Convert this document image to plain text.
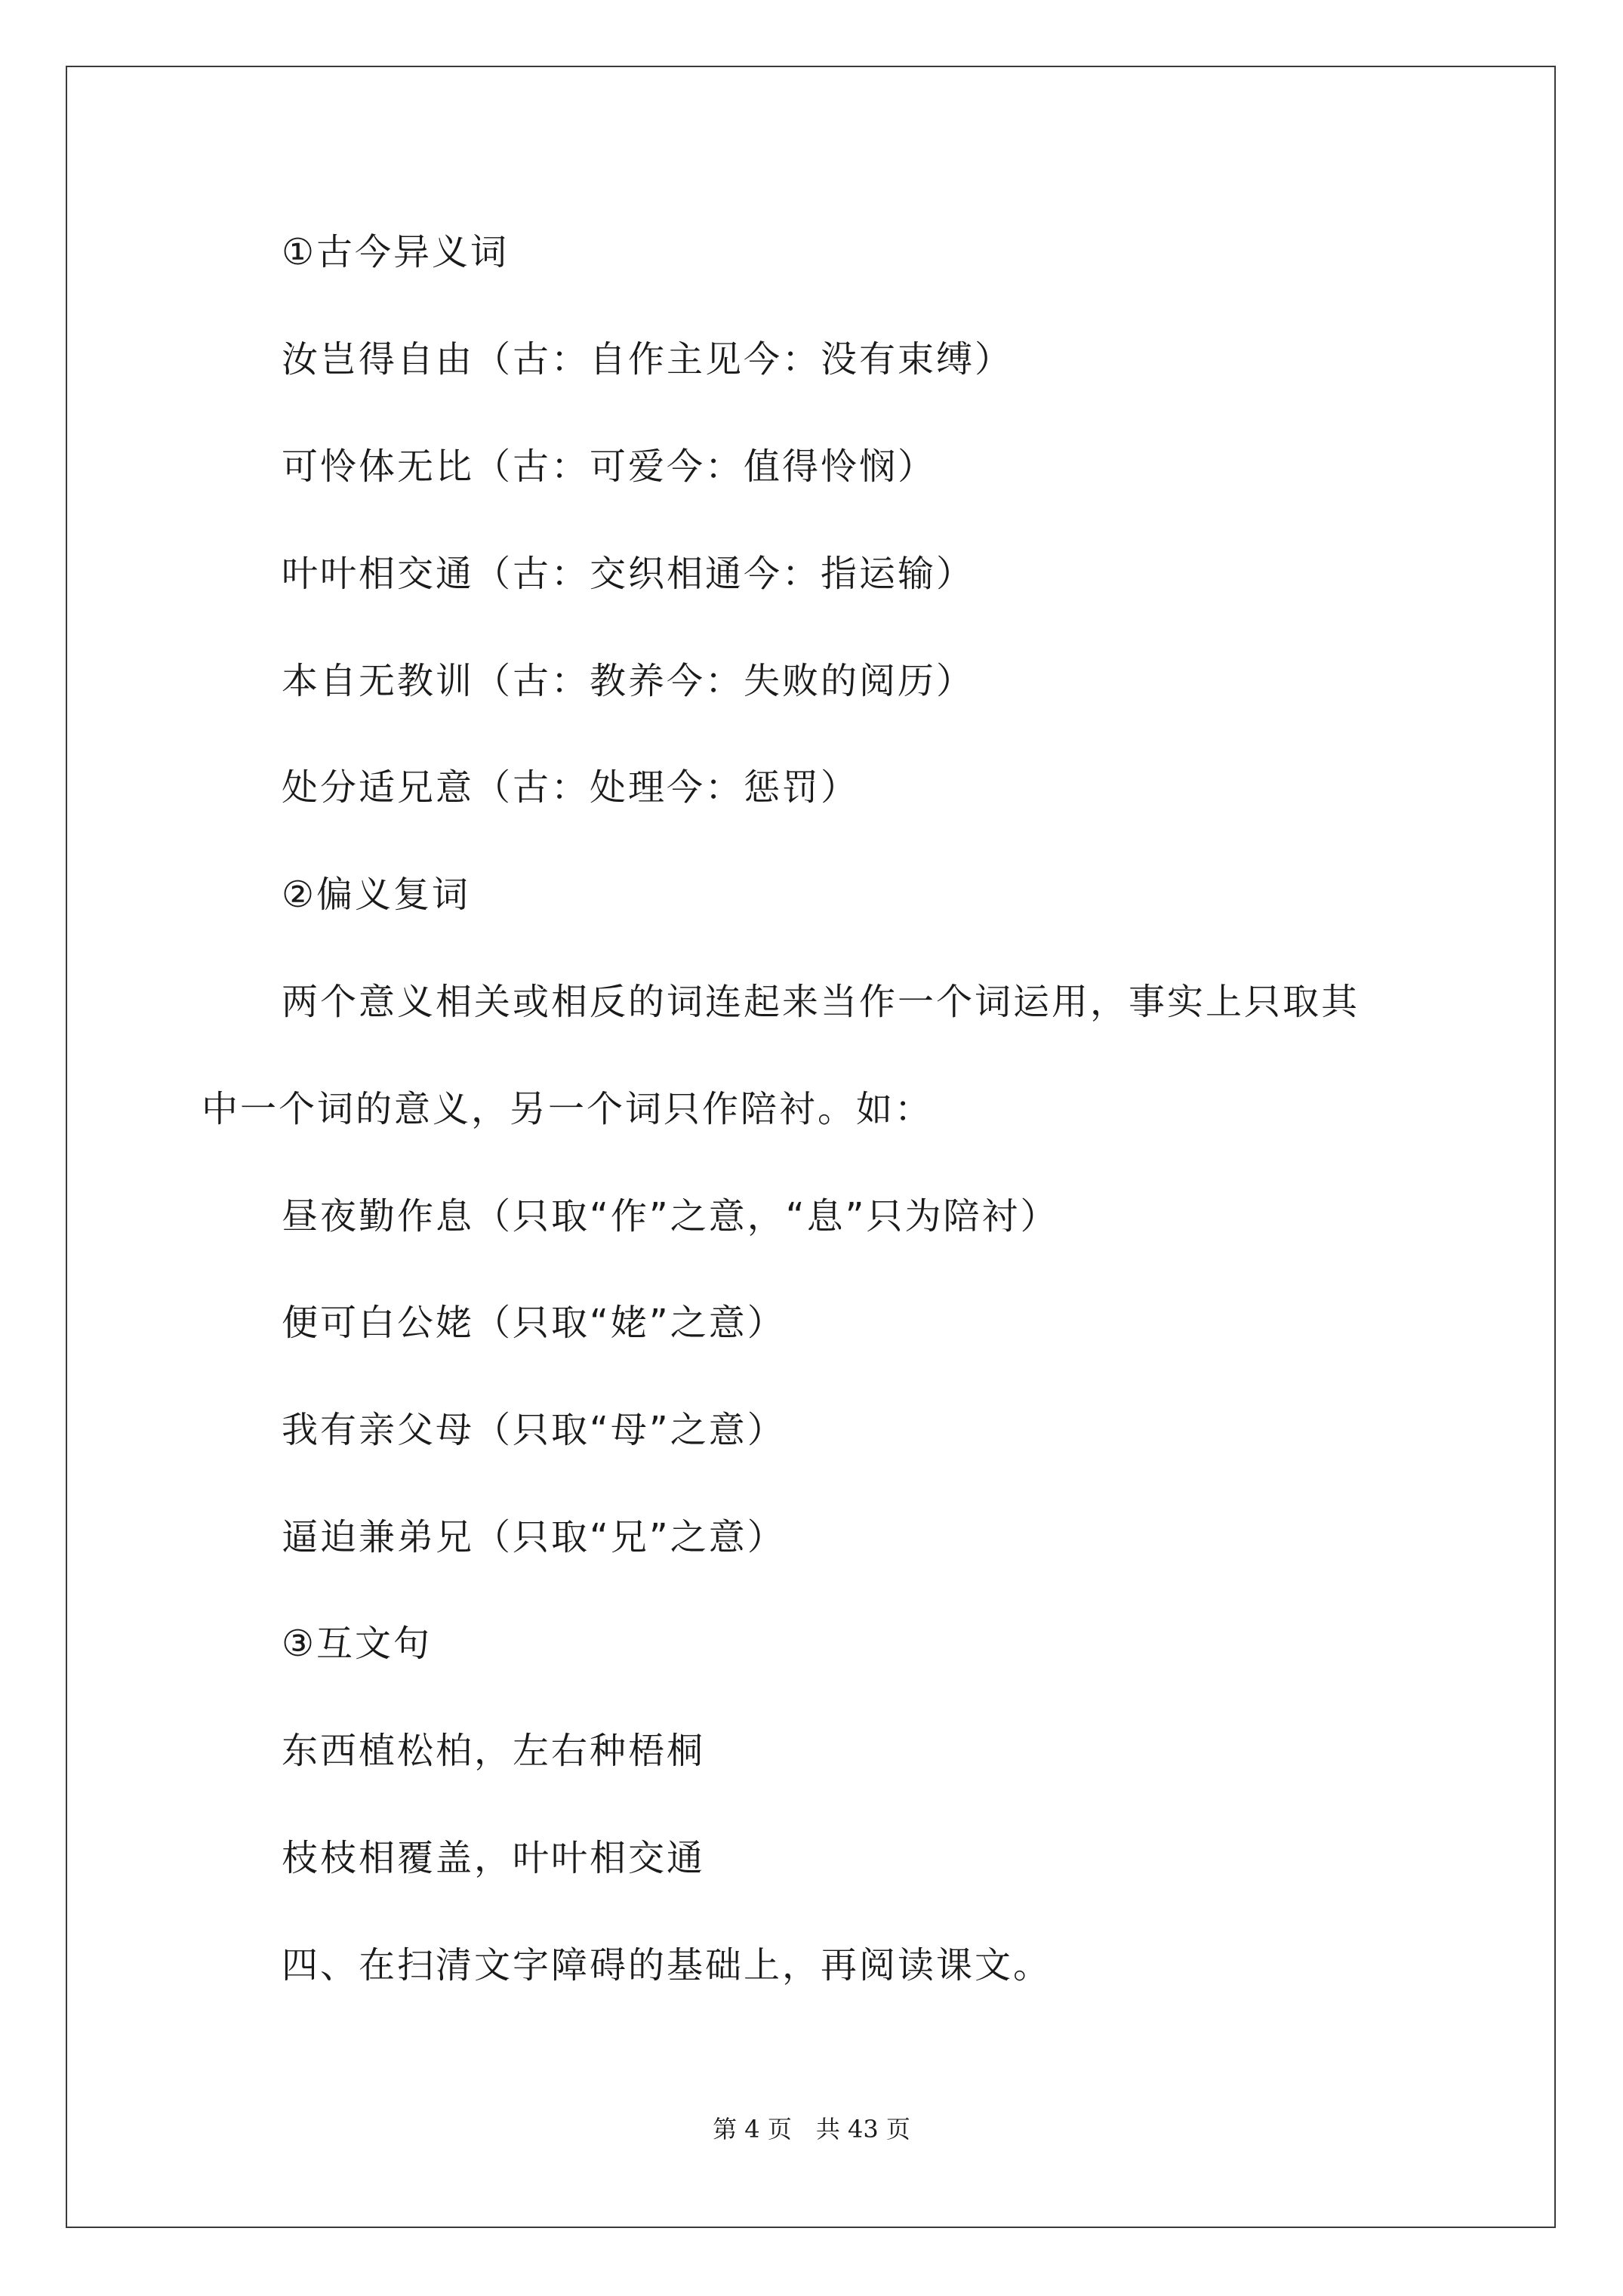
①古今异义词
汝岂得自由（古：自作主见今：没有束缚）
可怜体无比（古：可爱今：值得怜悯）
叶叶相交通（古：交织相通今：指运输）
本自无教训（古：教养今：失败的阅历）
处分适兄意（古：处理今：惩罚）
②偏义复词
两个意义相关或相反的词连起来当作一个词运用，事实上只取其
中一个词的意义，另一个词只作陪衬。如：
昼夜勤作息（只取“作”之意，“息”只为陪衬）
便可白公姥（只取“姥”之意）
我有亲父母（只取“母”之意）
逼迫兼弟兄（只取“兄”之意）
③互文句
东西植松柏，左右种梧桐
枝枝相覆盖，叶叶相交通
四、在扫清文字障碍的基础上，再阅读课文。
第 4 页　共 43 页
